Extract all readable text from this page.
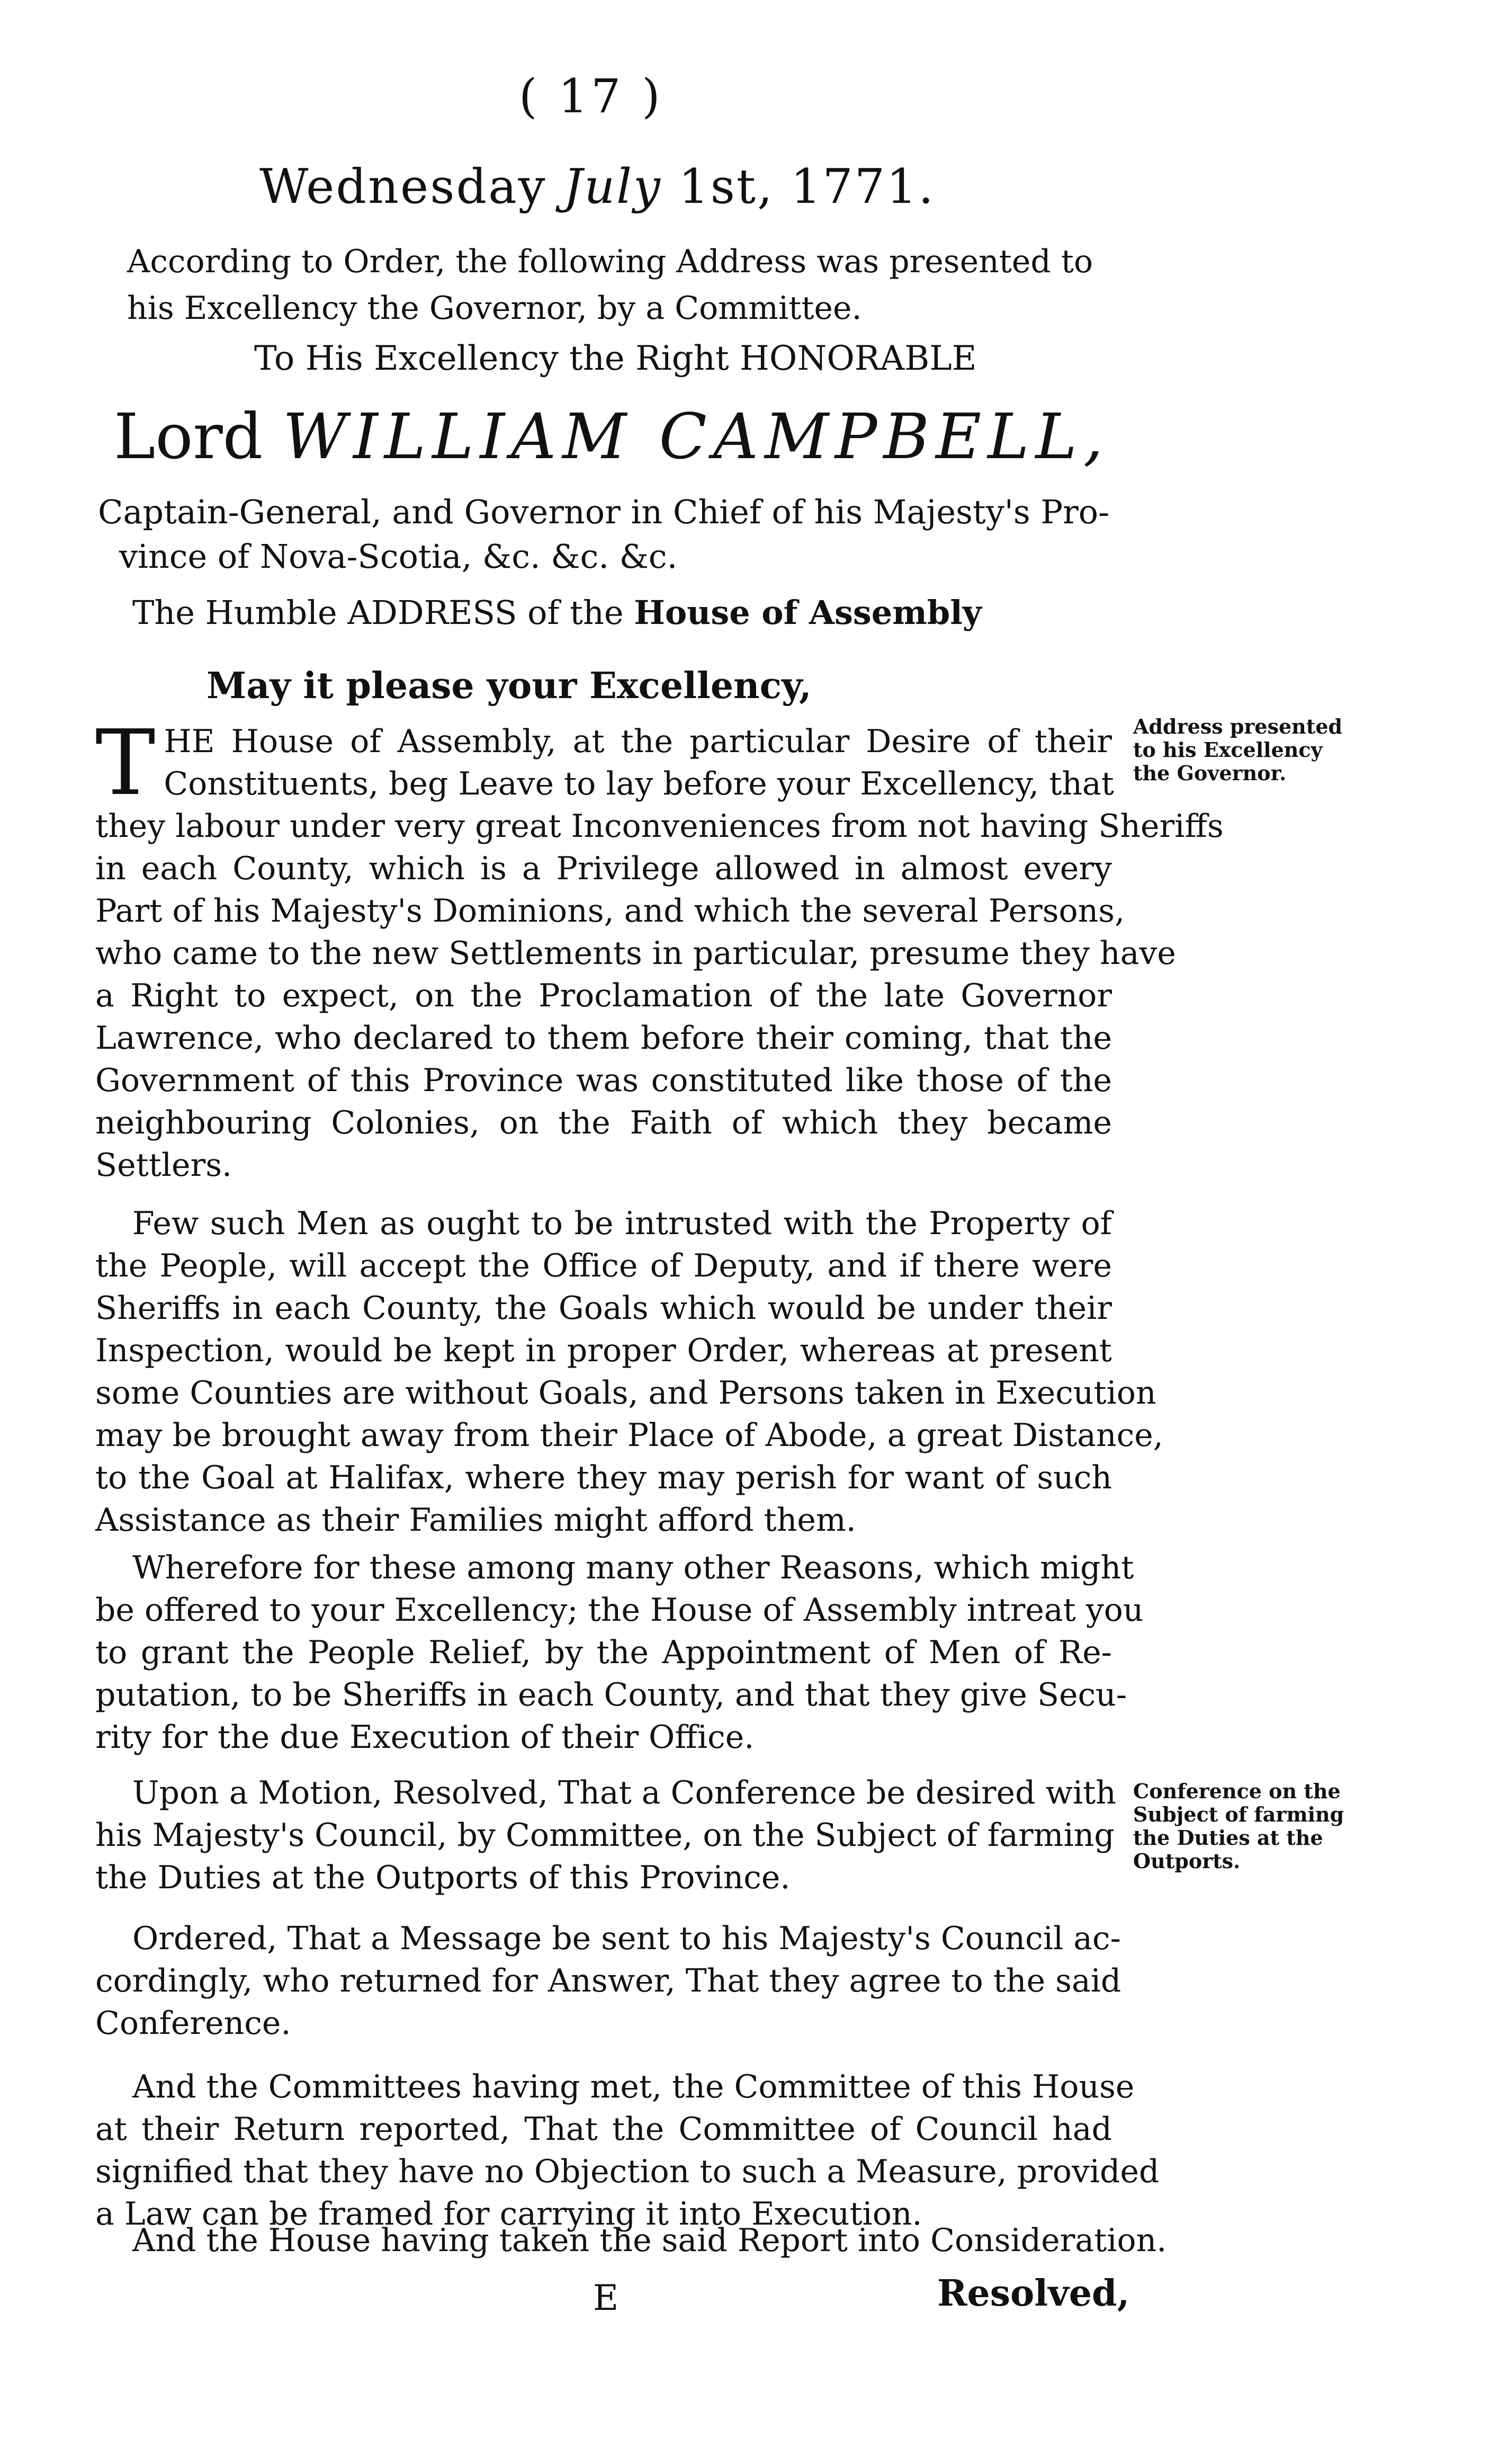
( 17 )
Wednesday July 1st, 1771.
According to Order, the following Address was presented to
his Excellency the Governor, by a Committee.
To His Excellency the Right HONORABLE
Lord WILLIAM CAMPBELL,
Captain-General, and Governor in Chief of his Majesty's Pro-
vince of Nova-Scotia, &c. &c. &c.
The Humble ADDRESS of the House of Assembly
May it please your Excellency,
Address presented
to his Excellency
the Governor.
T HE House of Assembly, at the particular Desire of their
Constituents, beg Leave to lay before your Excellency, that
they labour under very great Inconveniences from not having Sheriffs
in each County, which is a Privilege allowed in almost every
Part of his Majesty's Dominions, and which the several Persons,
who came to the new Settlements in particular, presume they have
a Right to expect, on the Proclamation of the late Governor
Lawrence, who declared to them before their coming, that the
Government of this Province was constituted like those of the
neighbouring Colonies, on the Faith of which they became
Settlers.
Few such Men as ought to be intrusted with the Property of
the People, will accept the Office of Deputy, and if there were
Sheriffs in each County, the Goals which would be under their
Inspection, would be kept in proper Order, whereas at present
some Counties are without Goals, and Persons taken in Execution
may be brought away from their Place of Abode, a great Distance,
to the Goal at Halifax, where they may perish for want of such
Assistance as their Families might afford them.
Wherefore for these among many other Reasons, which might
be offered to your Excellency; the House of Assembly intreat you
to grant the People Relief, by the Appointment of Men of Re-
putation, to be Sheriffs in each County, and that they give Secu-
rity for the due Execution of their Office.
Conference on the
Subject of farming
the Duties at the
Outports.
Upon a Motion, Resolved, That a Conference be desired with
his Majesty's Council, by Committee, on the Subject of farming
the Duties at the Outports of this Province.
Ordered, That a Message be sent to his Majesty's Council ac-
cordingly, who returned for Answer, That they agree to the said
Conference.
And the Committees having met, the Committee of this House
at their Return reported, That the Committee of Council had
signified that they have no Objection to such a Measure, provided
a Law can be framed for carrying it into Execution.
And the House having taken the said Report into Consideration.
E	Resolved,
